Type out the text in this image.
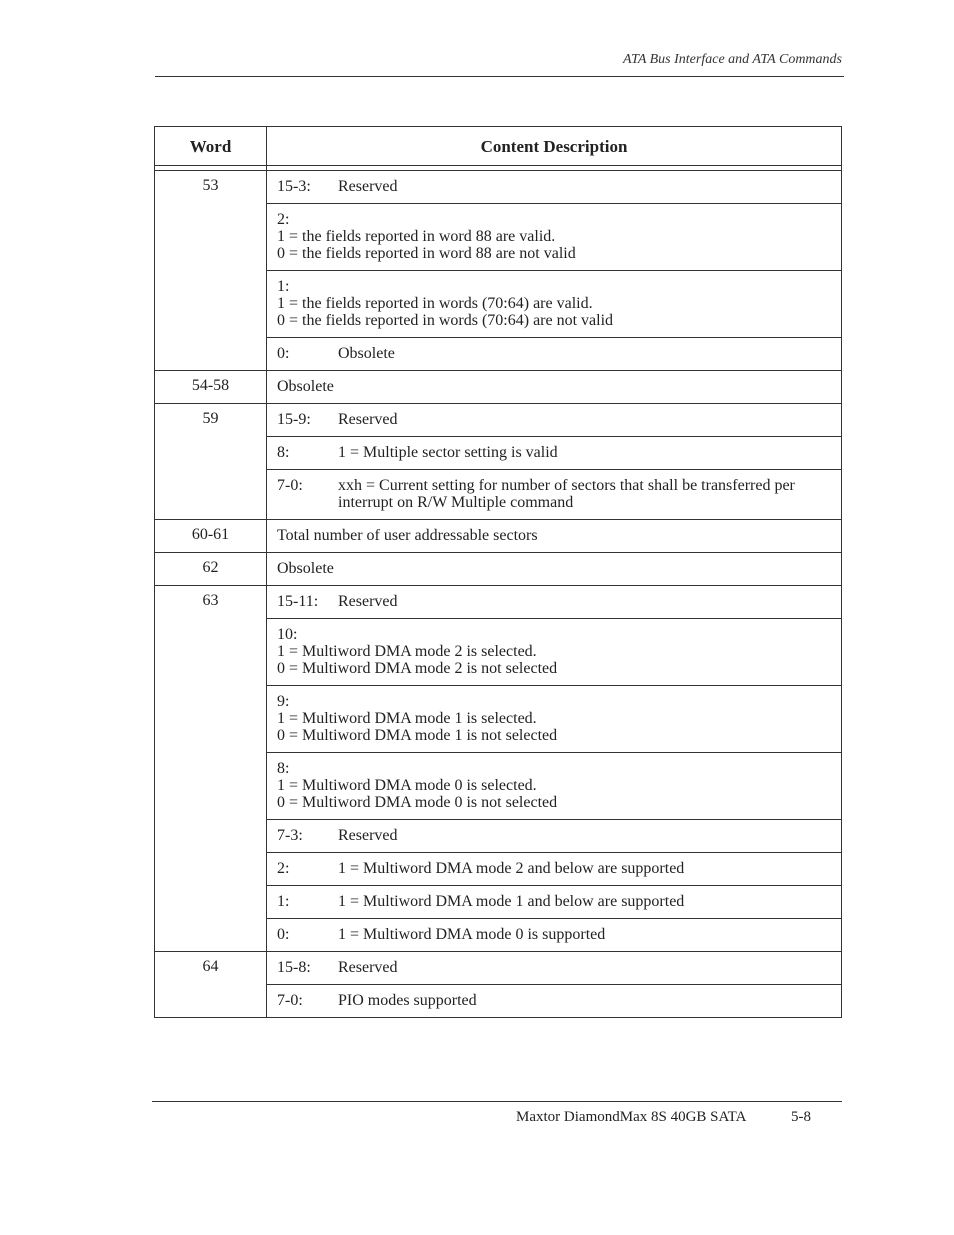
ATA Bus Interface and ATA Commands
Word	Content Description

53	15-3: Reserved

	2:
1 = the fields reported in word 88 are valid.
0 = the fields reported in word 88 are not valid

	1:
1 = the fields reported in words (70:64) are valid.
0 = the fields reported in words (70:64) are not valid

	0: Obsolete

54-58	Obsolete

59	15-9: Reserved

	8: 1 = Multiple sector setting is valid

	7-0: xxh = Current setting for number of sectors that shall be transferred per interrupt on R/W Multiple command

60-61	Total number of user addressable sectors

62	Obsolete

63	15-11: Reserved

	10:
1 = Multiword DMA mode 2 is selected.
0 = Multiword DMA mode 2 is not selected

	9:
1 = Multiword DMA mode 1 is selected.
0 = Multiword DMA mode 1 is not selected

	8:
1 = Multiword DMA mode 0 is selected.
0 = Multiword DMA mode 0 is not selected

	7-3: Reserved

	2: 1 = Multiword DMA mode 2 and below are supported

	1: 1 = Multiword DMA mode 1 and below are supported

	0: 1 = Multiword DMA mode 0 is supported

64	15-8: Reserved

	7-0: PIO modes supported
Maxtor DiamondMax 8S 40GB SATA	5-8
